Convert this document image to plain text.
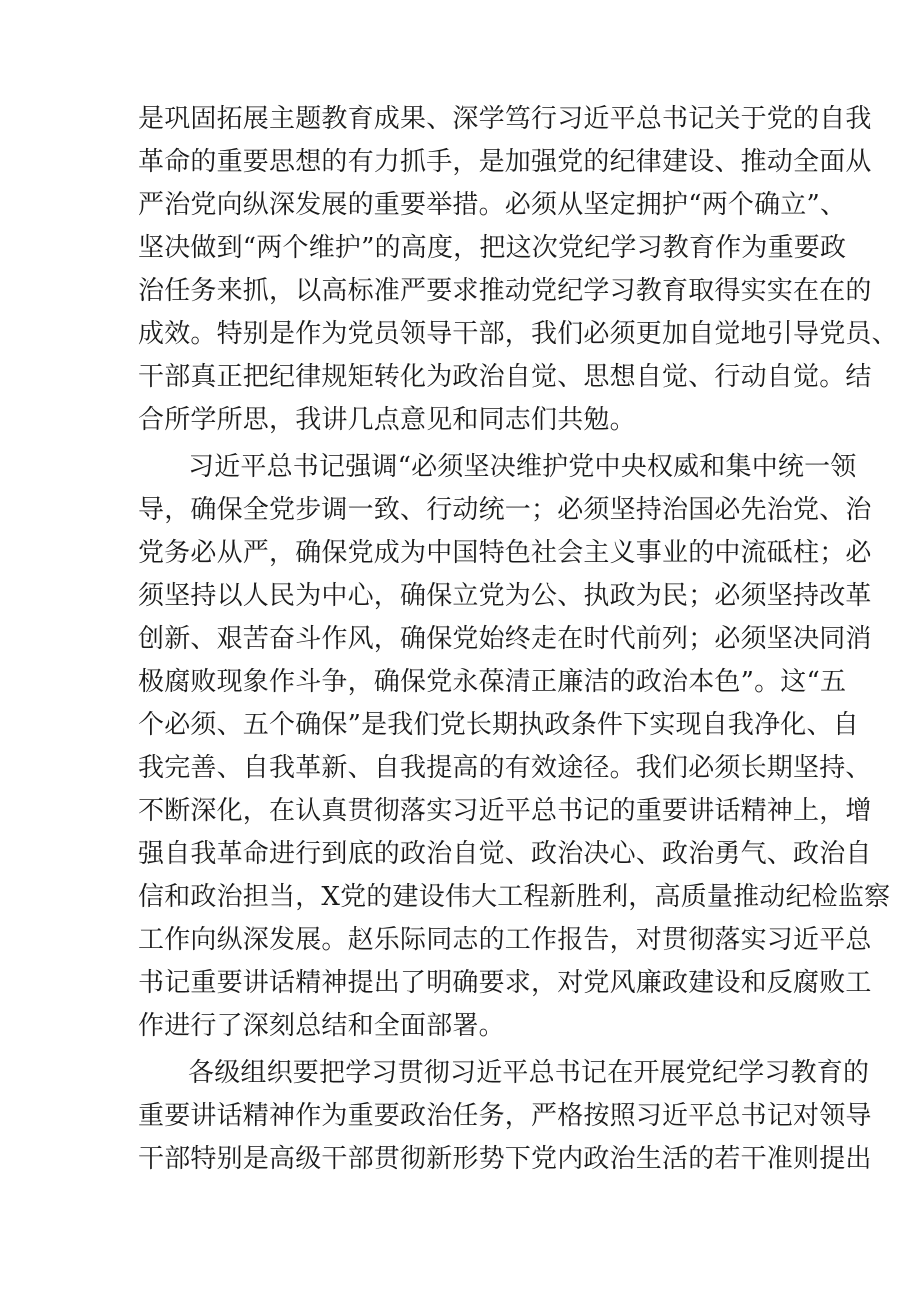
是巩固拓展主题教育成果、深学笃行习近平总书记关于党的自我
革命的重要思想的有力抓手，是加强党的纪律建设、推动全面从
严治党向纵深发展的重要举措。必须从坚定拥护“两个确立”、
坚决做到“两个维护”的高度，把这次党纪学习教育作为重要政
治任务来抓，以高标准严要求推动党纪学习教育取得实实在在的
成效。特别是作为党员领导干部，我们必须更加自觉地引导党员、
干部真正把纪律规矩转化为政治自觉、思想自觉、行动自觉。结
合所学所思，我讲几点意见和同志们共勉。
习近平总书记强调“必须坚决维护党中央权威和集中统一领
导，确保全党步调一致、行动统一；必须坚持治国必先治党、治
党务必从严，确保党成为中国特色社会主义事业的中流砥柱；必
须坚持以人民为中心，确保立党为公、执政为民；必须坚持改革
创新、艰苦奋斗作风，确保党始终走在时代前列；必须坚决同消
极腐败现象作斗争，确保党永葆清正廉洁的政治本色”。这“五
个必须、五个确保”是我们党长期执政条件下实现自我净化、自
我完善、自我革新、自我提高的有效途径。我们必须长期坚持、
不断深化，在认真贯彻落实习近平总书记的重要讲话精神上，增
强自我革命进行到底的政治自觉、政治决心、政治勇气、政治自
信和政治担当，X党的建设伟大工程新胜利，高质量推动纪检监察
工作向纵深发展。赵乐际同志的工作报告，对贯彻落实习近平总
书记重要讲话精神提出了明确要求，对党风廉政建设和反腐败工
作进行了深刻总结和全面部署。
各级组织要把学习贯彻习近平总书记在开展党纪学习教育的
重要讲话精神作为重要政治任务，严格按照习近平总书记对领导
干部特别是高级干部贯彻新形势下党内政治生活的若干准则提出
